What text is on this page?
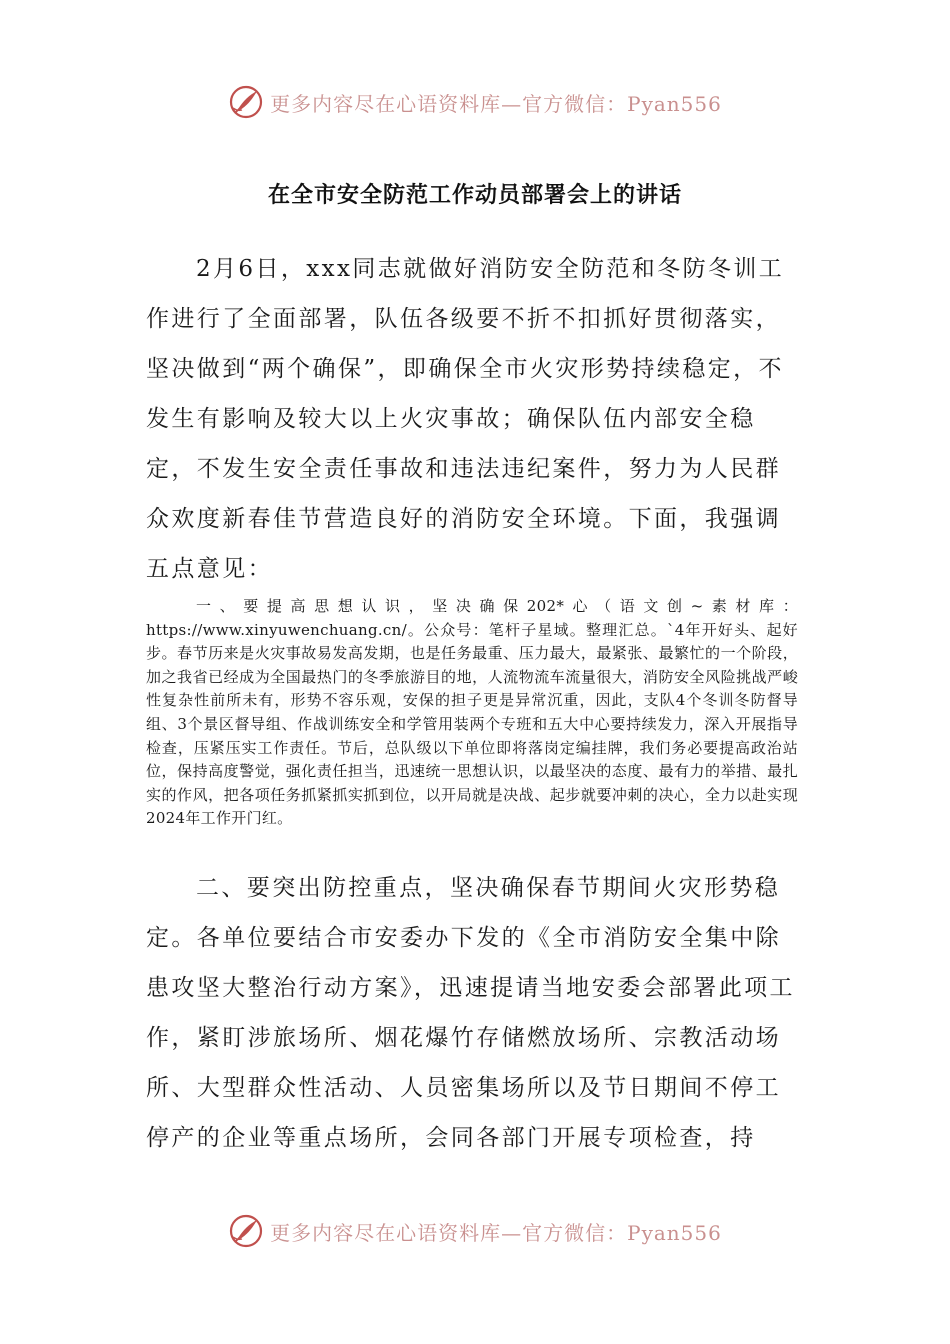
更多内容尽在心语资料库—官方微信：Pyan556
在全市安全防范工作动员部署会上的讲话

2月6日，xxx同志就做好消防安全防范和冬防冬训工作进行了全面部署，队伍各级要不折不扣抓好贯彻落实，坚决做到“两个确保”，即确保全市火灾形势持续稳定，不发生有影响及较大以上火灾事故；确保队伍内部安全稳定，不发生安全责任事故和违法违纪案件，努力为人民群众欢度新春佳节营造良好的消防安全环境。下面，我强调五点意见：

一、要提高思想认识，坚决确保202*心（语文创~素材库：https://www.xinyuwenchuang.cn/。公众号：笔杆子星域。整理汇总。`4年开好头、起好步。春节历来是火灾事故易发高发期，也是任务最重、压力最大，最紧张、最繁忙的一个阶段，加之我省已经成为全国最热门的冬季旅游目的地，人流物流车流量很大，消防安全风险挑战严峻性复杂性前所未有，形势不容乐观，安保的担子更是异常沉重，因此，支队4个冬训冬防督导组、3个景区督导组、作战训练安全和学管用装两个专班和五大中心要持续发力，深入开展指导检查，压紧压实工作责任。节后，总队级以下单位即将落岗定编挂牌，我们务必要提高政治站位，保持高度警觉，强化责任担当，迅速统一思想认识，以最坚决的态度、最有力的举措、最扎实的作风，把各项任务抓紧抓实抓到位，以开局就是决战、起步就要冲刺的决心，全力以赴实现2024年工作开门红。

二、要突出防控重点，坚决确保春节期间火灾形势稳定。各单位要结合市安委办下发的《全市消防安全集中除患攻坚大整治行动方案》，迅速提请当地安委会部署此项工作，紧盯涉旅场所、烟花爆竹存储燃放场所、宗教活动场所、大型群众性活动、人员密集场所以及节日期间不停工停产的企业等重点场所，会同各部门开展专项检查，持

更多内容尽在心语资料库—官方微信：Pyan556
